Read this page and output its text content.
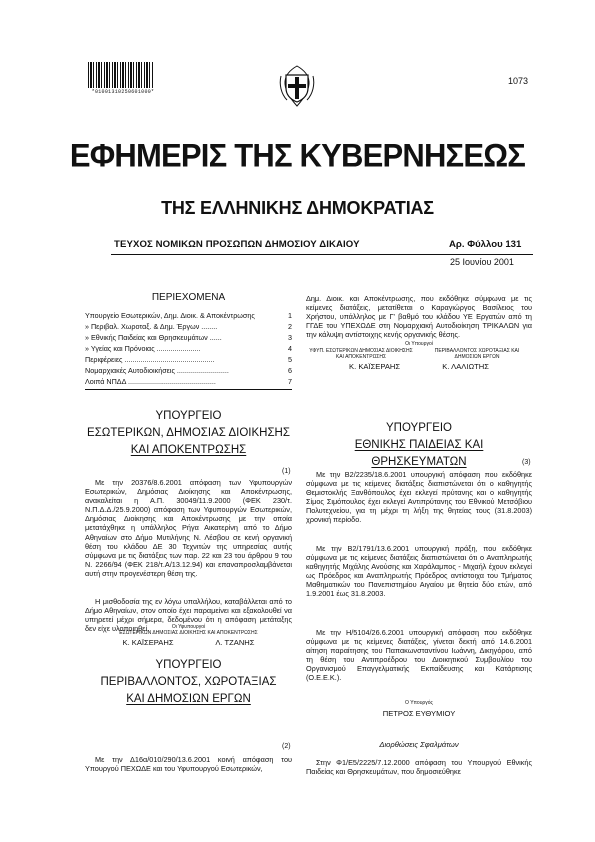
*01001310250601000*
1073
ΕΦΗΜΕΡΙΣ ΤΗΣ ΚΥΒΕΡΝΗΣΕΩΣ
ΤΗΣ ΕΛΛΗΝΙΚΗΣ ΔΗΜΟΚΡΑΤΙΑΣ
ΤΕΥΧΟΣ ΝΟΜΙΚΩΝ ΠΡΟΣΩΠΩΝ ΔΗΜΟΣΙΟΥ ΔΙΚΑΙΟΥ	Αρ. Φύλλου 131
25 Ιουνίου 2001
ΠΕΡΙΕΧΟΜΕΝΑ
Υπουργείο Εσωτερικών, Δημ. Διοικ. & Αποκέντρωσης	1
» Περιβαλ. Χωροταξ. & Δημ. Έργων ........	2
» Εθνικής Παιδείας και Θρησκευμάτων ......	3
» Υγείας και Πρόνοιας ......................	4
Περιφέρειες .............................................	5
Νομαρχιακές Αυτοδιοικήσεις ..........................	6
Λοιπά ΝΠΔΔ ............................................	7
ΥΠΟΥΡΓΕΙΟ
ΕΣΩΤΕΡΙΚΩΝ, ΔΗΜΟΣΙΑΣ ΔΙΟΙΚΗΣΗΣ
ΚΑΙ ΑΠΟΚΕΝΤΡΩΣΗΣ
(1)
Με την 20376/8.6.2001 απόφαση των Υφυπουργών Εσωτερικών, Δημόσιας Διοίκησης και Αποκέντρωσης, ανακαλείται η Α.Π. 30049/11.9.2000 (ΦΕΚ 230/τ. Ν.Π.Δ.Δ./25.9.2000) απόφαση των Υφυπουργών Εσωτερικών, Δημόσιας Διοίκησης και Αποκέντρωσης με την οποία μετατάχθηκε η υπάλληλος Ρήγα Αικατερίνη από το Δήμο Αθηναίων στο Δήμο Μυτιλήνης Ν. Λέσβου σε κενή οργανική θέση του κλάδου ΔΕ 30 Τεχνιτών της υπηρεσίας αυτής σύμφωνα με τις διατάξεις των παρ. 22 και 23 του άρθρου 9 του Ν. 2266/94 (ΦΕΚ 218/τ.Α/13.12.94) και επαναπροσλαμβάνεται αυτή στην προγενέστερη θέση της.
Η μισθοδοσία της εν λόγω υπαλλήλου, καταβάλλεται από το Δήμο Αθηναίων, στον οποίο έχει παραμείνει και εξακολουθεί να υπηρετεί μέχρι σήμερα, δεδομένου ότι η απόφαση μετάταξης δεν είχε υλοποιηθεί.	Οι Υφυπουργοί
ΕΣΩΤΕΡΙΚΩΝ ΔΗΜΟΣΙΑΣ ΔΙΟΙΚΗΣΗΣ ΚΑΙ ΑΠΟΚΕΝΤΡΩΣΗΣ
Κ. ΚΑΪΣΕΡΑΗΣ                    Λ. ΤΖΑΝΗΣ
ΥΠΟΥΡΓΕΙΟ
ΠΕΡΙΒΑΛΛΟΝΤΟΣ, ΧΩΡΟΤΑΞΙΑΣ
ΚΑΙ ΔΗΜΟΣΙΩΝ ΕΡΓΩΝ
(2)
Με την Δ16α/010/290/13.6.2001 κοινή απόφαση του Υπουργού ΠΕΧΩΔΕ και του Υφυπουργού Εσωτερικών,
Δημ. Διοικ. και Αποκέντρωσης, που εκδόθηκε σύμφωνα με τις κείμενες διατάξεις, μετατίθεται ο Καραγιώργος Βασίλειος του Χρήστου, υπάλληλος με Γ' βαθμό του κλάδου ΥΕ Εργατών από τη ΓΓΔΕ του ΥΠΕΧΩΔΕ στη Νομαρχιακή Αυτοδιοίκηση ΤΡΙΚΑΛΩΝ για την κάλυψη αντίστοιχης κενής οργανικής θέσης.
Οι Υπουργοί
ΥΦΥΠ. ΕΣΩΤΕΡΙΚΩΝ ΔΗΜΟΣΙΑΣ ΔΙΟΙΚΗΣΗΣ ΚΑΙ ΑΠΟΚΕΝΤΡΩΣΗΣ
ΠΕΡΙΒΑΛΛΟΝΤΟΣ ΧΩΡΟΤΑΞΙΑΣ ΚΑΙ ΔΗΜΟΣΙΩΝ ΕΡΓΩΝ
Κ. ΚΑΪΣΕΡΑΗΣ                    Κ. ΛΑΛΙΩΤΗΣ
ΥΠΟΥΡΓΕΙΟ
ΕΘΝΙΚΗΣ ΠΑΙΔΕΙΑΣ ΚΑΙ ΘΡΗΣΚΕΥΜΑΤΩΝ	(3)
Με την Β2/2235/18.6.2001 υπουργική απόφαση που εκδόθηκε σύμφωνα με τις κείμενες διατάξεις διαπιστώνεται ότι ο καθηγητής Θεμιστοκλής Ξανθόπουλος έχει εκλεγεί πρύτανης και ο καθηγητής Σίμος Σιμόπουλος έχει εκλεγεί Αντιπρύτανης του Εθνικού Μετσόβιου Πολυτεχνείου, για τη μέχρι τη λήξη της θητείας τους (31.8.2003) χρονική περίοδο.
Με την Β2/1791/13.6.2001 υπουργική πράξη, που εκδόθηκε σύμφωνα με τις κείμενες διατάξεις διαπιστώνεται ότι ο Αναπληρωτής καθηγητής Μιχάλης Ανούσης και Χαράλαμπος - Μιχαήλ έχουν εκλεγεί ως Πρόεδρος και Αναπληρωτής Πρόεδρος αντίστοιχα του Τμήματος Μαθηματικών του Πανεπιστημίου Αιγαίου με θητεία δύο ετών, από 1.9.2001 έως 31.8.2003.
Με την Η/5104/26.6.2001 υπουργική απόφαση που εκδόθηκε σύμφωνα με τις κείμενες διατάξεις, γίνεται δεκτή από 14.6.2001 αίτηση παραίτησης του Παπακωνσταντίνου Ιωάννη, Δικηγόρου, από τη θέση του Αντιπροέδρου του Διοικητικού Συμβουλίου του Οργανισμού Επαγγελματικής Εκπαίδευσης και Κατάρτισης (Ο.Ε.Ε.Κ.).
Ο Υπουργός
ΠΕΤΡΟΣ ΕΥΘΥΜΙΟΥ
Διορθώσεις Σφαλμάτων
Στην Φ1/Ε5/2225/7.12.2000 απόφαση του Υπουργού Εθνικής Παιδείας και Θρησκευμάτων, που δημοσιεύθηκε
